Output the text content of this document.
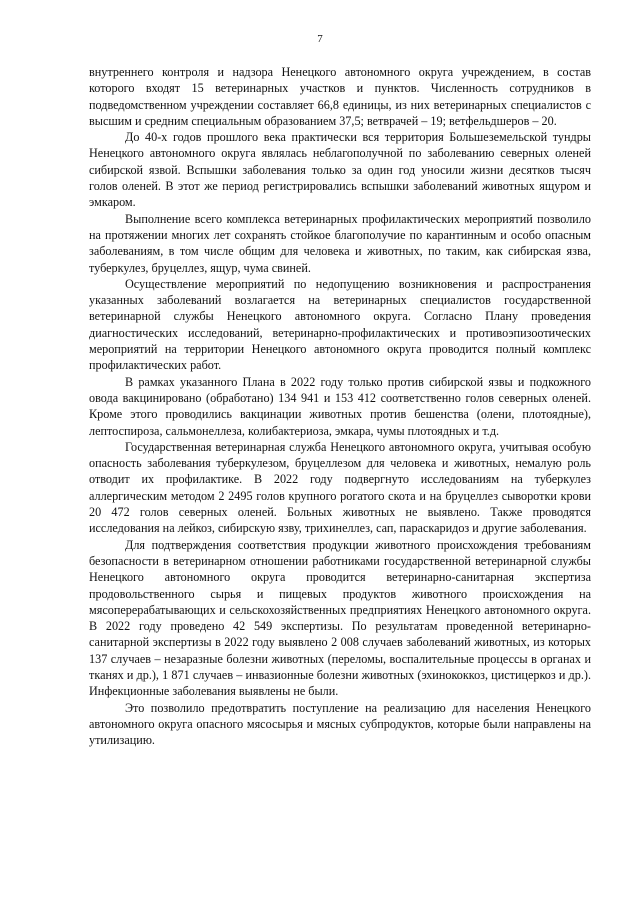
7

внутреннего контроля и надзора Ненецкого автономного округа учреждением, в состав которого входят 15 ветеринарных участков и пунктов. Численность сотрудников в подведомственном учреждении составляет 66,8 единицы, из них ветеринарных специалистов с высшим и средним специальным образованием 37,5; ветврачей – 19; ветфельдшеров – 20.

До 40-х годов прошлого века практически вся территория Большеземельской тундры Ненецкого автономного округа являлась неблагополучной по заболеванию северных оленей сибирской язвой. Вспышки заболевания только за один год уносили жизни десятков тысяч голов оленей. В этот же период регистрировались вспышки заболеваний животных ящуром и эмкаром.

Выполнение всего комплекса ветеринарных профилактических мероприятий позволило на протяжении многих лет сохранять стойкое благополучие по карантинным и особо опасным заболеваниям, в том числе общим для человека и животных, по таким, как сибирская язва, туберкулез, бруцеллез, ящур, чума свиней.

Осуществление мероприятий по недопущению возникновения и распространения указанных заболеваний возлагается на ветеринарных специалистов государственной ветеринарной службы Ненецкого автономного округа. Согласно Плану проведения диагностических исследований, ветеринарно-профилактических и противоэпизоотических мероприятий на территории Ненецкого автономного округа проводится полный комплекс профилактических работ.

В рамках указанного Плана в 2022 году только против сибирской язвы и подкожного овода вакцинировано (обработано) 134 941 и 153 412 соответственно голов северных оленей. Кроме этого проводились вакцинации животных против бешенства (олени, плотоядные), лептоспироза, сальмонеллеза, колибактериоза, эмкара, чумы плотоядных и т.д.

Государственная ветеринарная служба Ненецкого автономного округа, учитывая особую опасность заболевания туберкулезом, бруцеллезом для человека и животных, немалую роль отводит их профилактике. В 2022 году подвергнуто исследованиям на туберкулез аллергическим методом 2 2495 голов крупного рогатого скота и на бруцеллез сыворотки крови 20 472 голов северных оленей. Больных животных не выявлено. Также проводятся исследования на лейкоз, сибирскую язву, трихинеллез, сап, параскаридоз и другие заболевания.

Для подтверждения соответствия продукции животного происхождения требованиям безопасности в ветеринарном отношении работниками государственной ветеринарной службы Ненецкого автономного округа проводится ветеринарно-санитарная экспертиза продовольственного сырья и пищевых продуктов животного происхождения на мясоперерабатывающих и сельскохозяйственных предприятиях Ненецкого автономного округа. В 2022 году проведено 42 549 экспертизы. По результатам проведенной ветеринарно-санитарной экспертизы в 2022 году выявлено 2 008 случаев заболеваний животных, из которых 137 случаев – незаразные болезни животных (переломы, воспалительные процессы в органах и тканях и др.), 1 871 случаев – инвазионные болезни животных (эхинококкоз, цистицеркоз и др.). Инфекционные заболевания выявлены не были.

Это позволило предотвратить поступление на реализацию для населения Ненецкого автономного округа опасного мясосырья и мясных субпродуктов, которые были направлены на утилизацию.
